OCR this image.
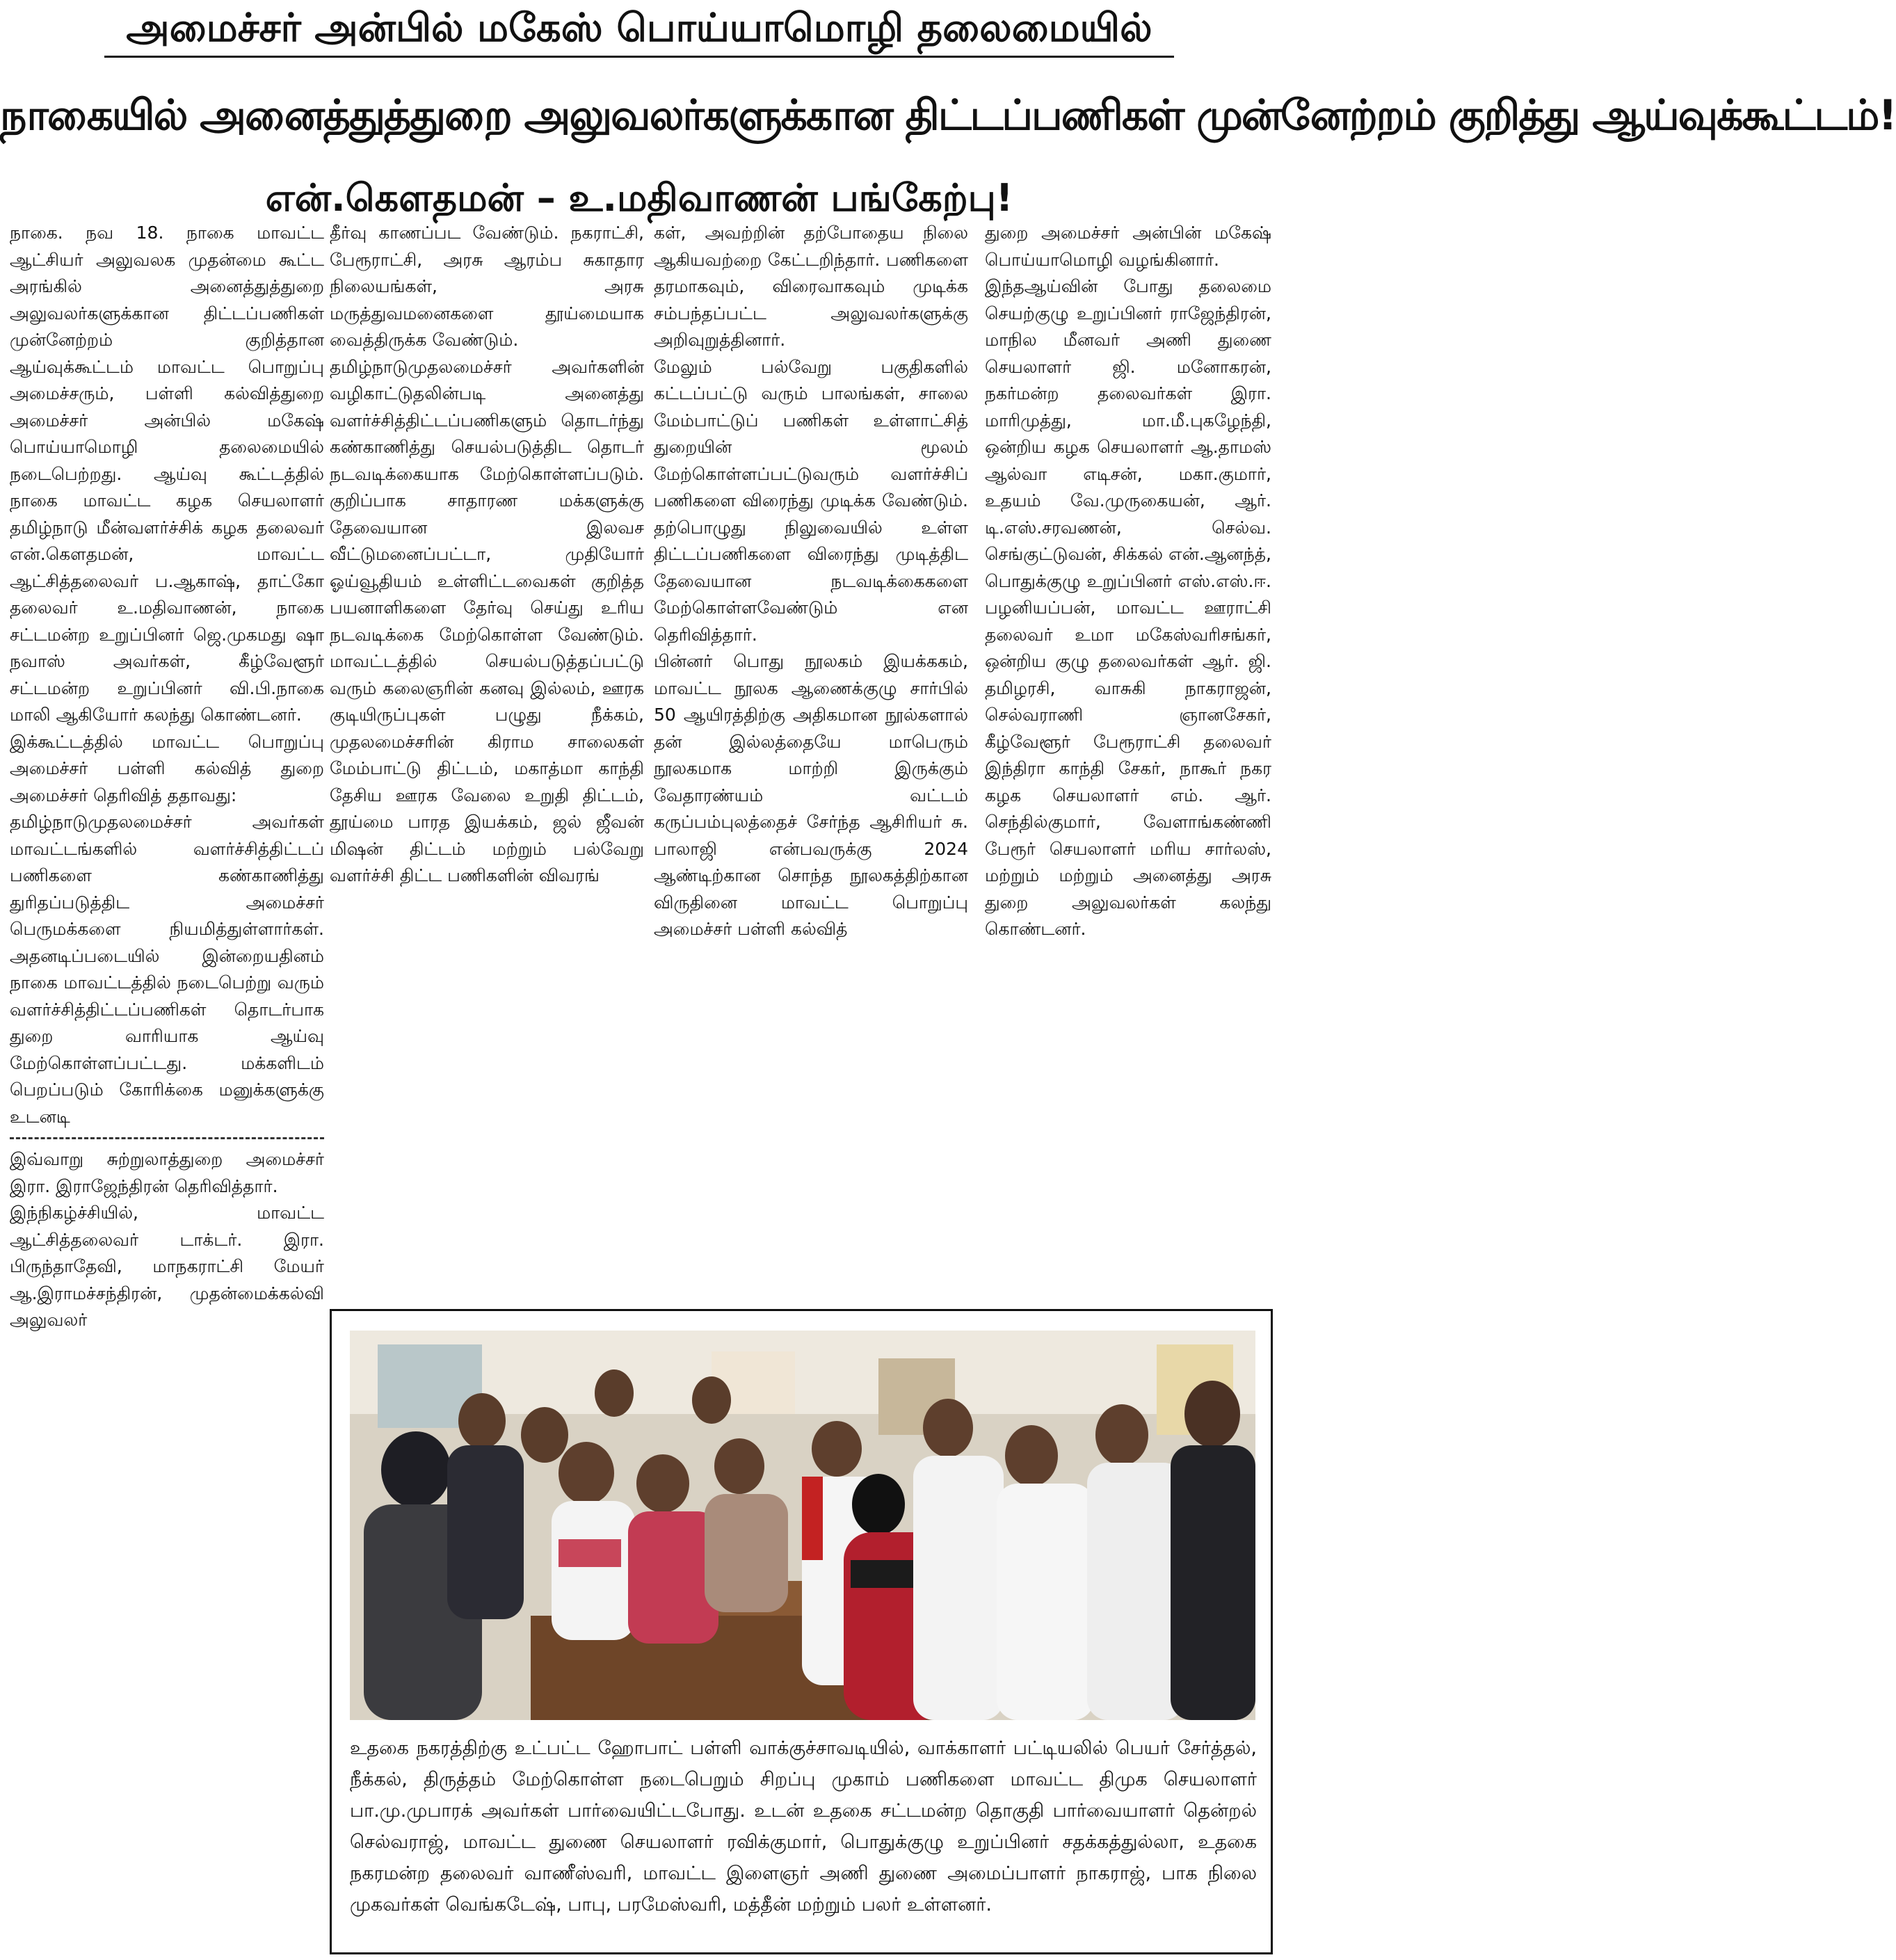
அமைச்சர் அன்பில் மகேஸ் பொய்யாமொழி தலைமையில்
நாகையில் அனைத்துத்துறை அலுவலர்களுக்கான திட்டப்பணிகள் முன்னேற்றம் குறித்து ஆய்வுக்கூட்டம்!
என்.கௌதமன் – உ.மதிவாணன் பங்கேற்பு!

நாகை. நவ 18. நாகை மாவட்ட ஆட்சியர் அலுவலக முதன்மை கூட்ட அரங்கில் அனைத்துத்துறை அலுவலர்களுக்கான திட்டப்பணிகள் முன்னேற்றம் குறித்தான ஆய்வுக்கூட்டம் மாவட்ட பொறுப்பு அமைச்சரும், பள்ளி கல்வித்துறை அமைச்சர் அன்பில் மகேஷ் பொய்யாமொழி தலைமையில் நடைபெற்றது. ஆய்வு கூட்டத்தில் நாகை மாவட்ட கழக செயலாளர் தமிழ்நாடு மீன்வளர்ச்சிக் கழக தலைவர் என்.கௌதமன், மாவட்ட ஆட்சித்தலைவர் ப.ஆகாஷ், தாட்கோ தலைவர் உ.மதிவாணன், நாகை சட்டமன்ற உறுப்பினர் ஜெ.முகமது ஷா நவாஸ் அவர்கள், கீழ்வேளூர் சட்டமன்ற உறுப்பினர் வி.பி.நாகை மாலி ஆகியோர் கலந்து கொண்டனர்.

இக்கூட்டத்தில் மாவட்ட பொறுப்பு அமைச்சர் பள்ளி கல்வித் துறை அமைச்சர் தெரிவித் ததாவது:

தமிழ்நாடுமுதலமைச்சர் அவர்கள் மாவட்டங்களில் வளர்ச்சித்திட்டப் பணிகளை கண்காணித்து துரிதப்படுத்திட அமைச்சர் பெருமக்களை நியமித்துள்ளார்கள். அதனடிப்படையில் இன்றையதினம் நாகை மாவட்டத்தில் நடைபெற்று வரும் வளர்ச்சித்திட்டப்பணிகள் தொடர்பாக துறை வாரியாக ஆய்வு மேற்கொள்ளப்பட்டது. மக்களிடம் பெறப்படும் கோரிக்கை மனுக்களுக்கு உடனடி

இவ்வாறு சுற்றுலாத்துறை அமைச்சர் இரா. இராஜேந்திரன் தெரிவித்தார்.

இந்நிகழ்ச்சியில், மாவட்ட ஆட்சித்தலைவர் டாக்டர். இரா. பிருந்தாதேவி, மாநகராட்சி மேயர் ஆ.இராமச்சந்திரன், முதன்மைக்கல்வி அலுவலர்

தீர்வு காணப்பட வேண்டும். நகராட்சி, பேரூராட்சி, அரசு ஆரம்ப சுகாதார நிலையங்கள், அரசு மருத்துவமனைகளை தூய்மையாக வைத்திருக்க வேண்டும்.

தமிழ்நாடுமுதலமைச்சர் அவர்களின் வழிகாட்டுதலின்படி அனைத்து வளர்ச்சித்திட்டப்பணிகளும் தொடர்ந்து கண்காணித்து செயல்படுத்திட தொடர் நடவடிக்கையாக மேற்கொள்ளப்படும். குறிப்பாக சாதாரண மக்களுக்கு தேவையான இலவச வீட்டுமனைப்பட்டா, முதியோர் ஓய்வூதியம் உள்ளிட்டவைகள் குறித்த பயனாளிகளை தேர்வு செய்து உரிய நடவடிக்கை மேற்கொள்ள வேண்டும். மாவட்டத்தில் செயல்படுத்தப்பட்டு வரும் கலைஞரின் கனவு இல்லம், ஊரக குடியிருப்புகள் பழுது நீக்கம், முதலமைச்சரின் கிராம சாலைகள் மேம்பாட்டு திட்டம், மகாத்மா காந்தி தேசிய ஊரக வேலை உறுதி திட்டம், தூய்மை பாரத இயக்கம், ஜல் ஜீவன் மிஷன் திட்டம் மற்றும் பல்வேறு வளர்ச்சி திட்ட பணிகளின் விவரங்

கள், அவற்றின் தற்போதைய நிலை ஆகியவற்றை கேட்டறிந்தார். பணிகளை தரமாகவும், விரைவாகவும் முடிக்க சம்பந்தப்பட்ட அலுவலர்களுக்கு அறிவுறுத்தினார்.

மேலும் பல்வேறு பகுதிகளில் கட்டப்பட்டு வரும் பாலங்கள், சாலை மேம்பாட்டுப் பணிகள் உள்ளாட்சித் துறையின் மூலம் மேற்கொள்ளப்பட்டுவரும் வளர்ச்சிப் பணிகளை விரைந்து முடிக்க வேண்டும். தற்பொழுது நிலுவையில் உள்ள திட்டப்பணிகளை விரைந்து முடித்திட தேவையான நடவடிக்கைகளை மேற்கொள்ளவேண்டும் என தெரிவித்தார்.

பின்னர் பொது நூலகம் இயக்ககம், மாவட்ட நூலக ஆணைக்குழு சார்பில் 50 ஆயிரத்திற்கு அதிகமான நூல்களால் தன் இல்லத்தையே மாபெரும் நூலகமாக மாற்றி இருக்கும் வேதாரண்யம் வட்டம் கருப்பம்புலத்தைச் சேர்ந்த ஆசிரியர் சு. பாலாஜி என்பவருக்கு 2024 ஆண்டிற்கான சொந்த நூலகத்திற்கான விருதினை மாவட்ட பொறுப்பு அமைச்சர் பள்ளி கல்வித்

துறை அமைச்சர் அன்பின் மகேஷ் பொய்யாமொழி வழங்கினார்.

இந்தஆய்வின் போது தலைமை செயற்குழு உறுப்பினர் ராஜேந்திரன், மாநில மீனவர் அணி துணை செயலாளர் ஜி. மனோகரன், நகர்மன்ற தலைவர்கள் இரா. மாரிமுத்து, மா.மீ.புகழேந்தி, ஒன்றிய கழக செயலாளர் ஆ.தாமஸ் ஆல்வா எடிசன், மகா.குமார், உதயம் வே.முருகையன், ஆர். டி.எஸ்.சரவணன், செல்வ. செங்குட்டுவன், சிக்கல் என்.ஆனந்த், பொதுக்குழு உறுப்பினர் எஸ்.எஸ்.ஈ. பழனியப்பன், மாவட்ட ஊராட்சி தலைவர் உமா மகேஸ்வரிசங்கர், ஒன்றிய குழு தலைவர்கள் ஆர். ஜி. தமிழரசி, வாசுகி நாகராஜன், செல்வராணி ஞானசேகர், கீழ்வேளூர் பேரூராட்சி தலைவர் இந்திரா காந்தி சேகர், நாகூர் நகர கழக செயலாளர் எம். ஆர். செந்தில்குமார், வேளாங்கண்ணி பேரூர் செயலாளர் மரிய சார்லஸ், மற்றும் மற்றும் அனைத்து அரசு துறை அலுவலர்கள் கலந்து கொண்டனர்.

உதகை நகரத்திற்கு உட்பட்ட ஹோபாட் பள்ளி வாக்குச்சாவடியில், வாக்காளர் பட்டியலில் பெயர் சேர்த்தல், நீக்கல், திருத்தம் மேற்கொள்ள நடைபெறும் சிறப்பு முகாம் பணிகளை மாவட்ட திமுக செயலாளர் பா.மு.முபாரக் அவர்கள் பார்வையிட்டபோது. உடன் உதகை சட்டமன்ற தொகுதி பார்வையாளர் தென்றல் செல்வராஜ், மாவட்ட துணை செயலாளர் ரவிக்குமார், பொதுக்குழு உறுப்பினர் சதக்கத்துல்லா, உதகை நகரமன்ற தலைவர் வாணீஸ்வரி, மாவட்ட இளைஞர் அணி துணை அமைப்பாளர் நாகராஜ், பாக நிலை முகவர்கள் வெங்கடேஷ், பாபு, பரமேஸ்வரி, மத்தீன் மற்றும் பலர் உள்ளனர்.
